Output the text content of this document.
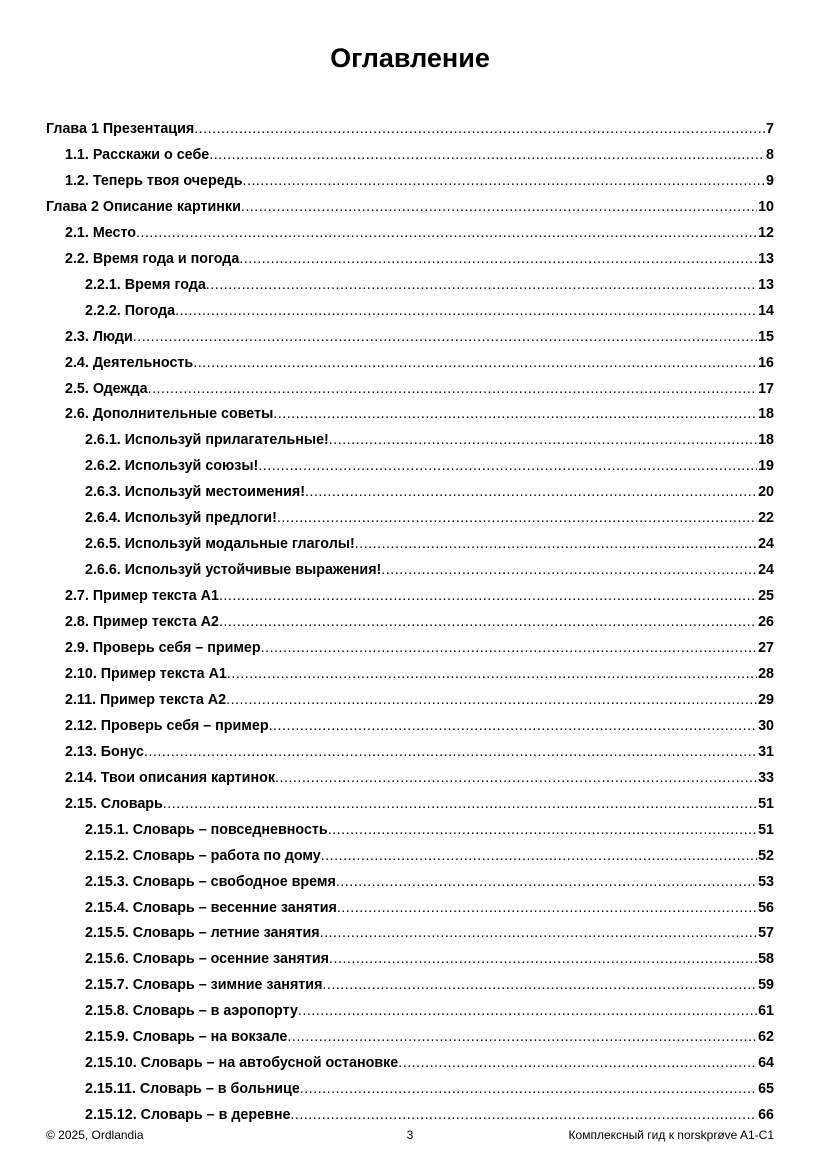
Оглавление
Глава 1 Презентация .....	7
1.1. Расскажи о себе .....	8
1.2. Теперь твоя очередь .....	9
Глава 2 Описание картинки .....	10
2.1. Место .....	12
2.2. Время года и погода .....	13
2.2.1. Время года .....	13
2.2.2. Погода .....	14
2.3. Люди .....	15
2.4. Деятельность .....	16
2.5. Одежда .....	17
2.6. Дополнительные советы .....	18
2.6.1. Используй прилагательные! .....	18
2.6.2. Используй союзы! .....	19
2.6.3. Используй местоимения! .....	20
2.6.4. Используй предлоги! .....	22
2.6.5. Используй модальные глаголы! .....	24
2.6.6. Используй устойчивые выражения! .....	24
2.7. Пример текста А1 .....	25
2.8. Пример текста А2 .....	26
2.9. Проверь себя – пример .....	27
2.10. Пример текста А1 .....	28
2.11. Пример текста А2 .....	29
2.12. Проверь себя – пример .....	30
2.13. Бонус .....	31
2.14. Твои описания картинок .....	33
2.15. Словарь .....	51
2.15.1. Словарь – повседневность .....	51
2.15.2. Словарь – работа по дому .....	52
2.15.3. Словарь – свободное время .....	53
2.15.4. Словарь – весенние занятия .....	56
2.15.5. Словарь – летние занятия .....	57
2.15.6. Словарь – осенние занятия .....	58
2.15.7. Словарь – зимние занятия .....	59
2.15.8. Словарь – в аэропорту .....	61
2.15.9. Словарь – на вокзале .....	62
2.15.10. Словарь – на автобусной остановке .....	64
2.15.11. Словарь – в больнице .....	65
2.15.12. Словарь – в деревне .....	66
© 2025, Ordlandia	3	Комплексный гид к norskprøve A1-C1
